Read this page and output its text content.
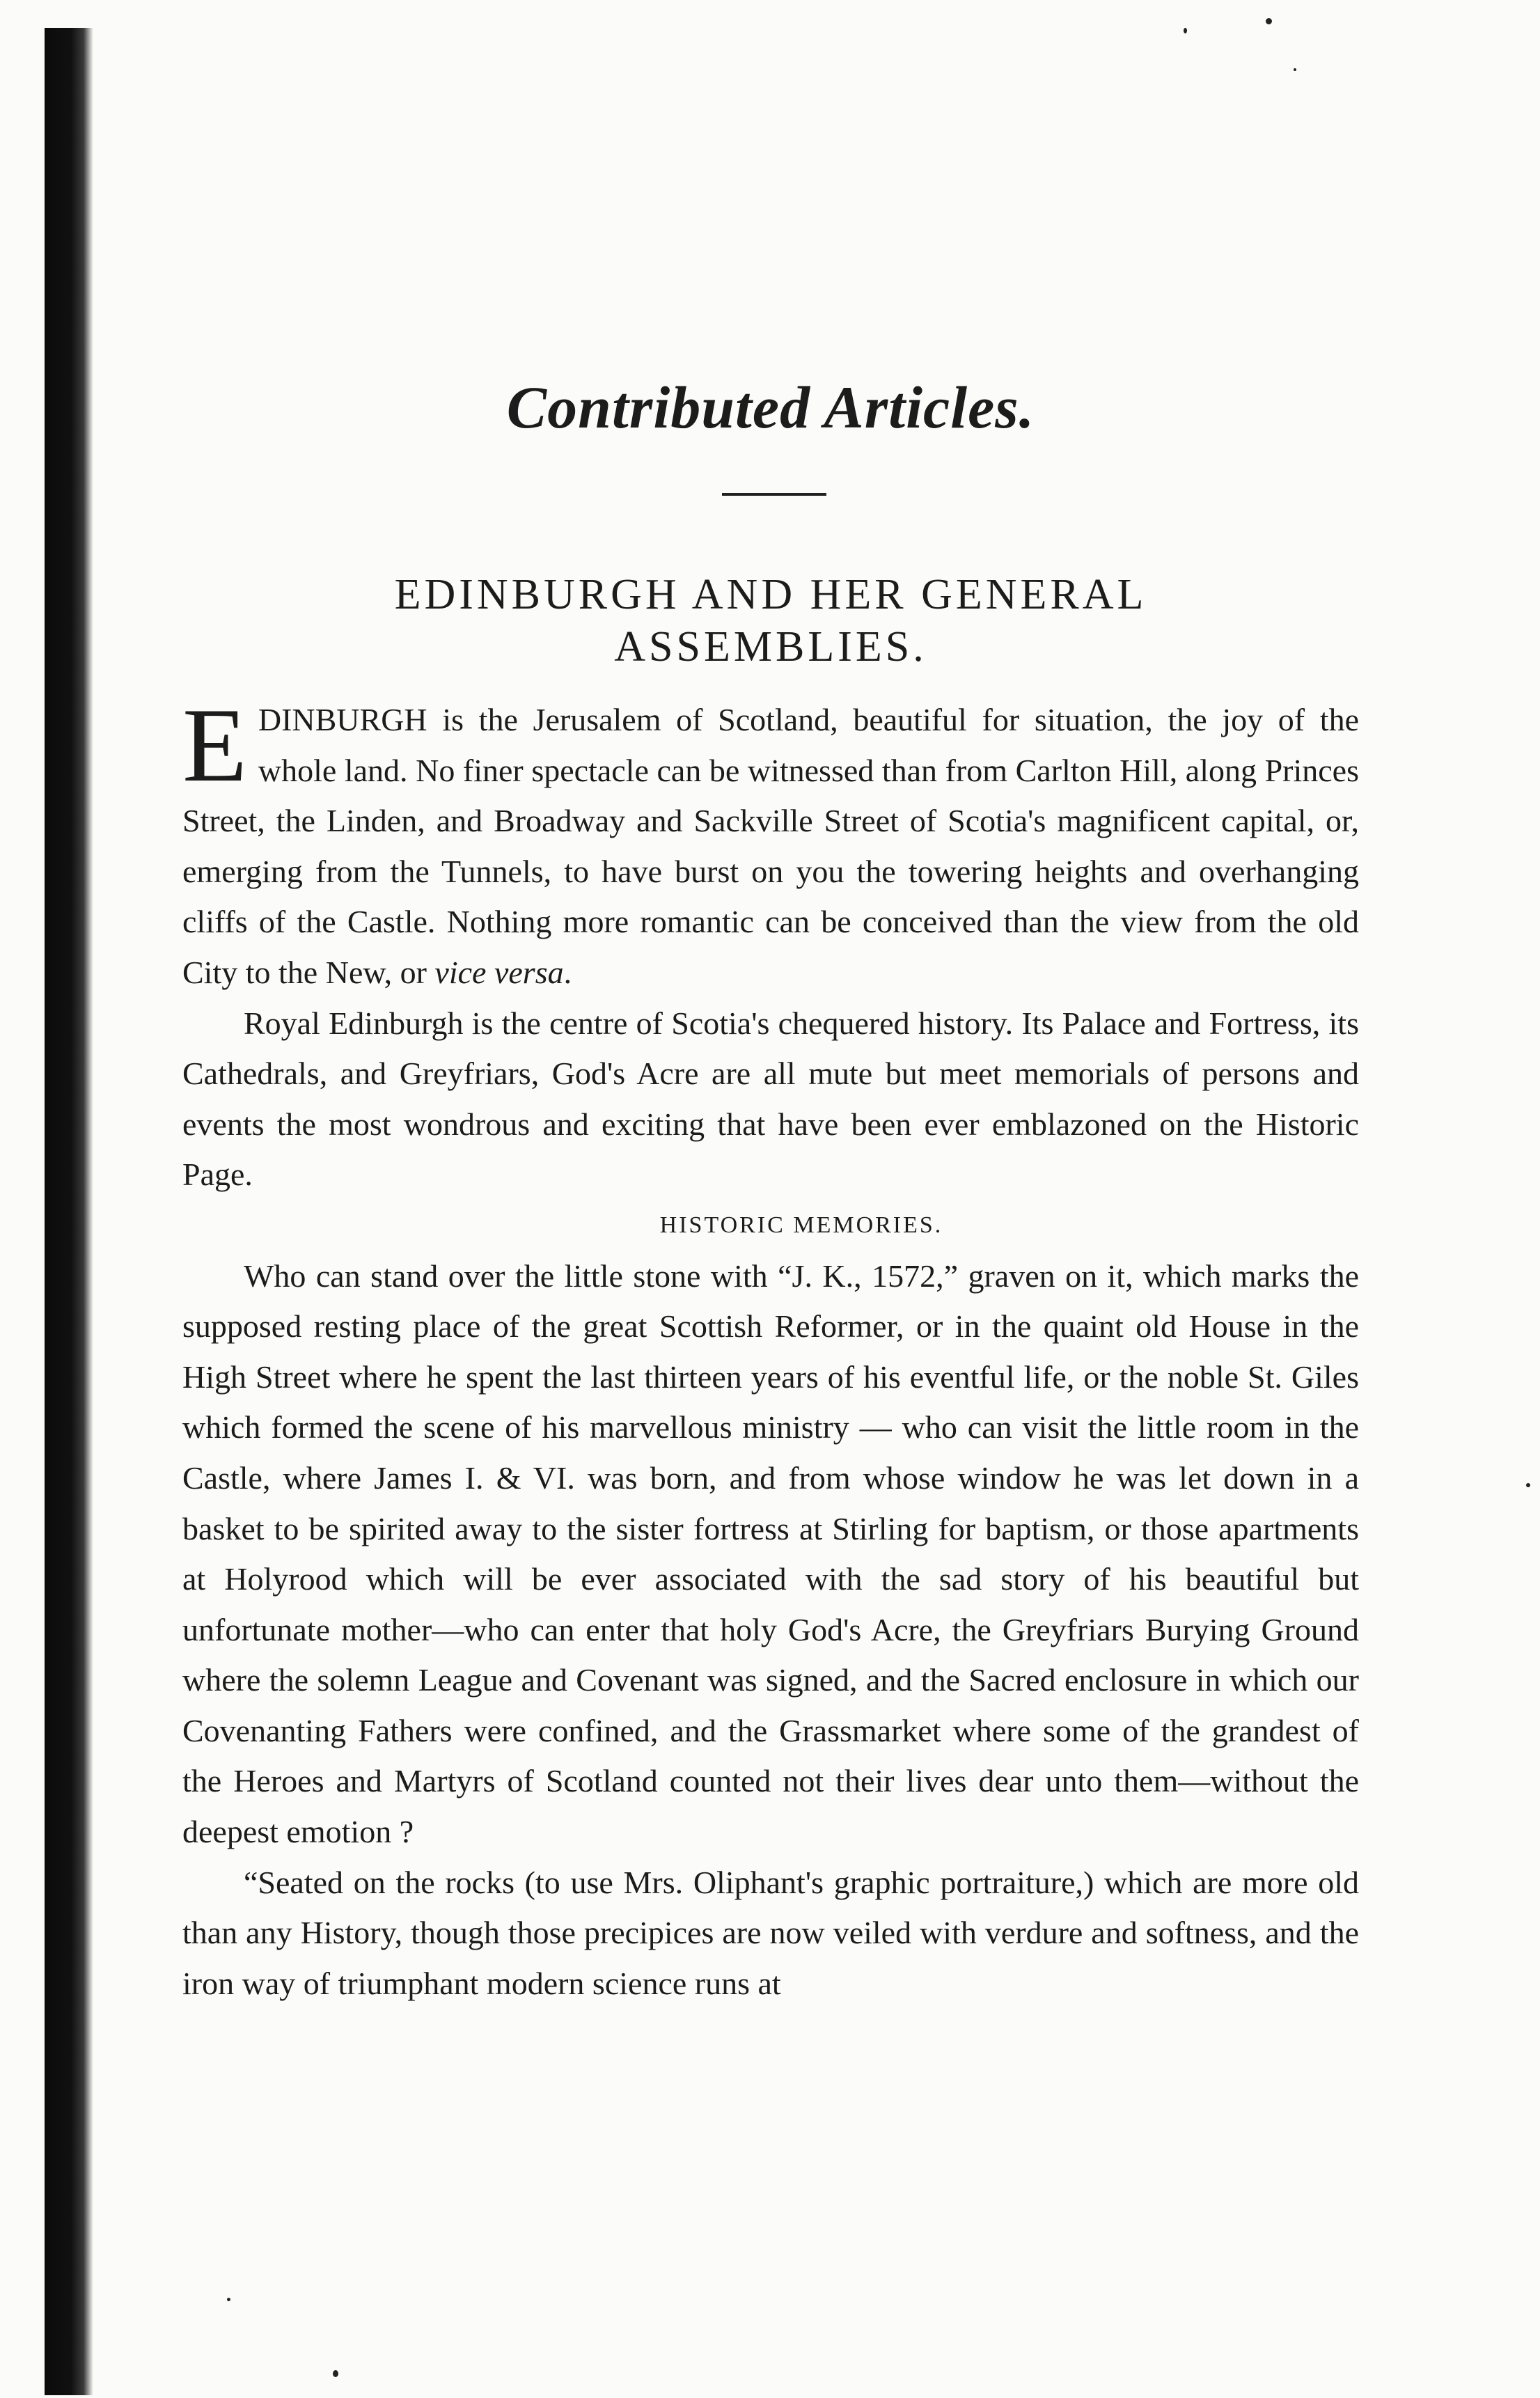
Contributed Articles.
EDINBURGH AND HER GENERAL
ASSEMBLIES.

EDINBURGH is the Jerusalem of Scotland, beautiful for situation, the joy of the whole land. No finer spectacle can be witnessed than from Carlton Hill, along Princes Street, the Linden, and Broadway and Sackville Street of Scotia's magnificent capital, or, emerging from the Tunnels, to have burst on you the towering heights and overhanging cliffs of the Castle. Nothing more romantic can be conceived than the view from the old City to the New, or vice versa.

Royal Edinburgh is the centre of Scotia's chequered history. Its Palace and Fortress, its Cathedrals, and Greyfriars, God's Acre are all mute but meet memorials of persons and events the most wondrous and exciting that have been ever emblazoned on the Historic Page.

HISTORIC MEMORIES.

Who can stand over the little stone with “J. K., 1572,” graven on it, which marks the supposed resting place of the great Scottish Reformer, or in the quaint old House in the High Street where he spent the last thirteen years of his eventful life, or the noble St. Giles which formed the scene of his marvellous ministry — who can visit the little room in the Castle, where James I. & VI. was born, and from whose window he was let down in a basket to be spirited away to the sister fortress at Stirling for baptism, or those apartments at Holyrood which will be ever associated with the sad story of his beautiful but unfortunate mother—who can enter that holy God's Acre, the Greyfriars Burying Ground where the solemn League and Covenant was signed, and the Sacred enclosure in which our Covenanting Fathers were confined, and the Grassmarket where some of the grandest of the Heroes and Martyrs of Scotland counted not their lives dear unto them—without the deepest emotion ?

“Seated on the rocks (to use Mrs. Oliphant's graphic portraiture,) which are more old than any History, though those precipices are now veiled with verdure and softness, and the iron way of triumphant modern science runs at
